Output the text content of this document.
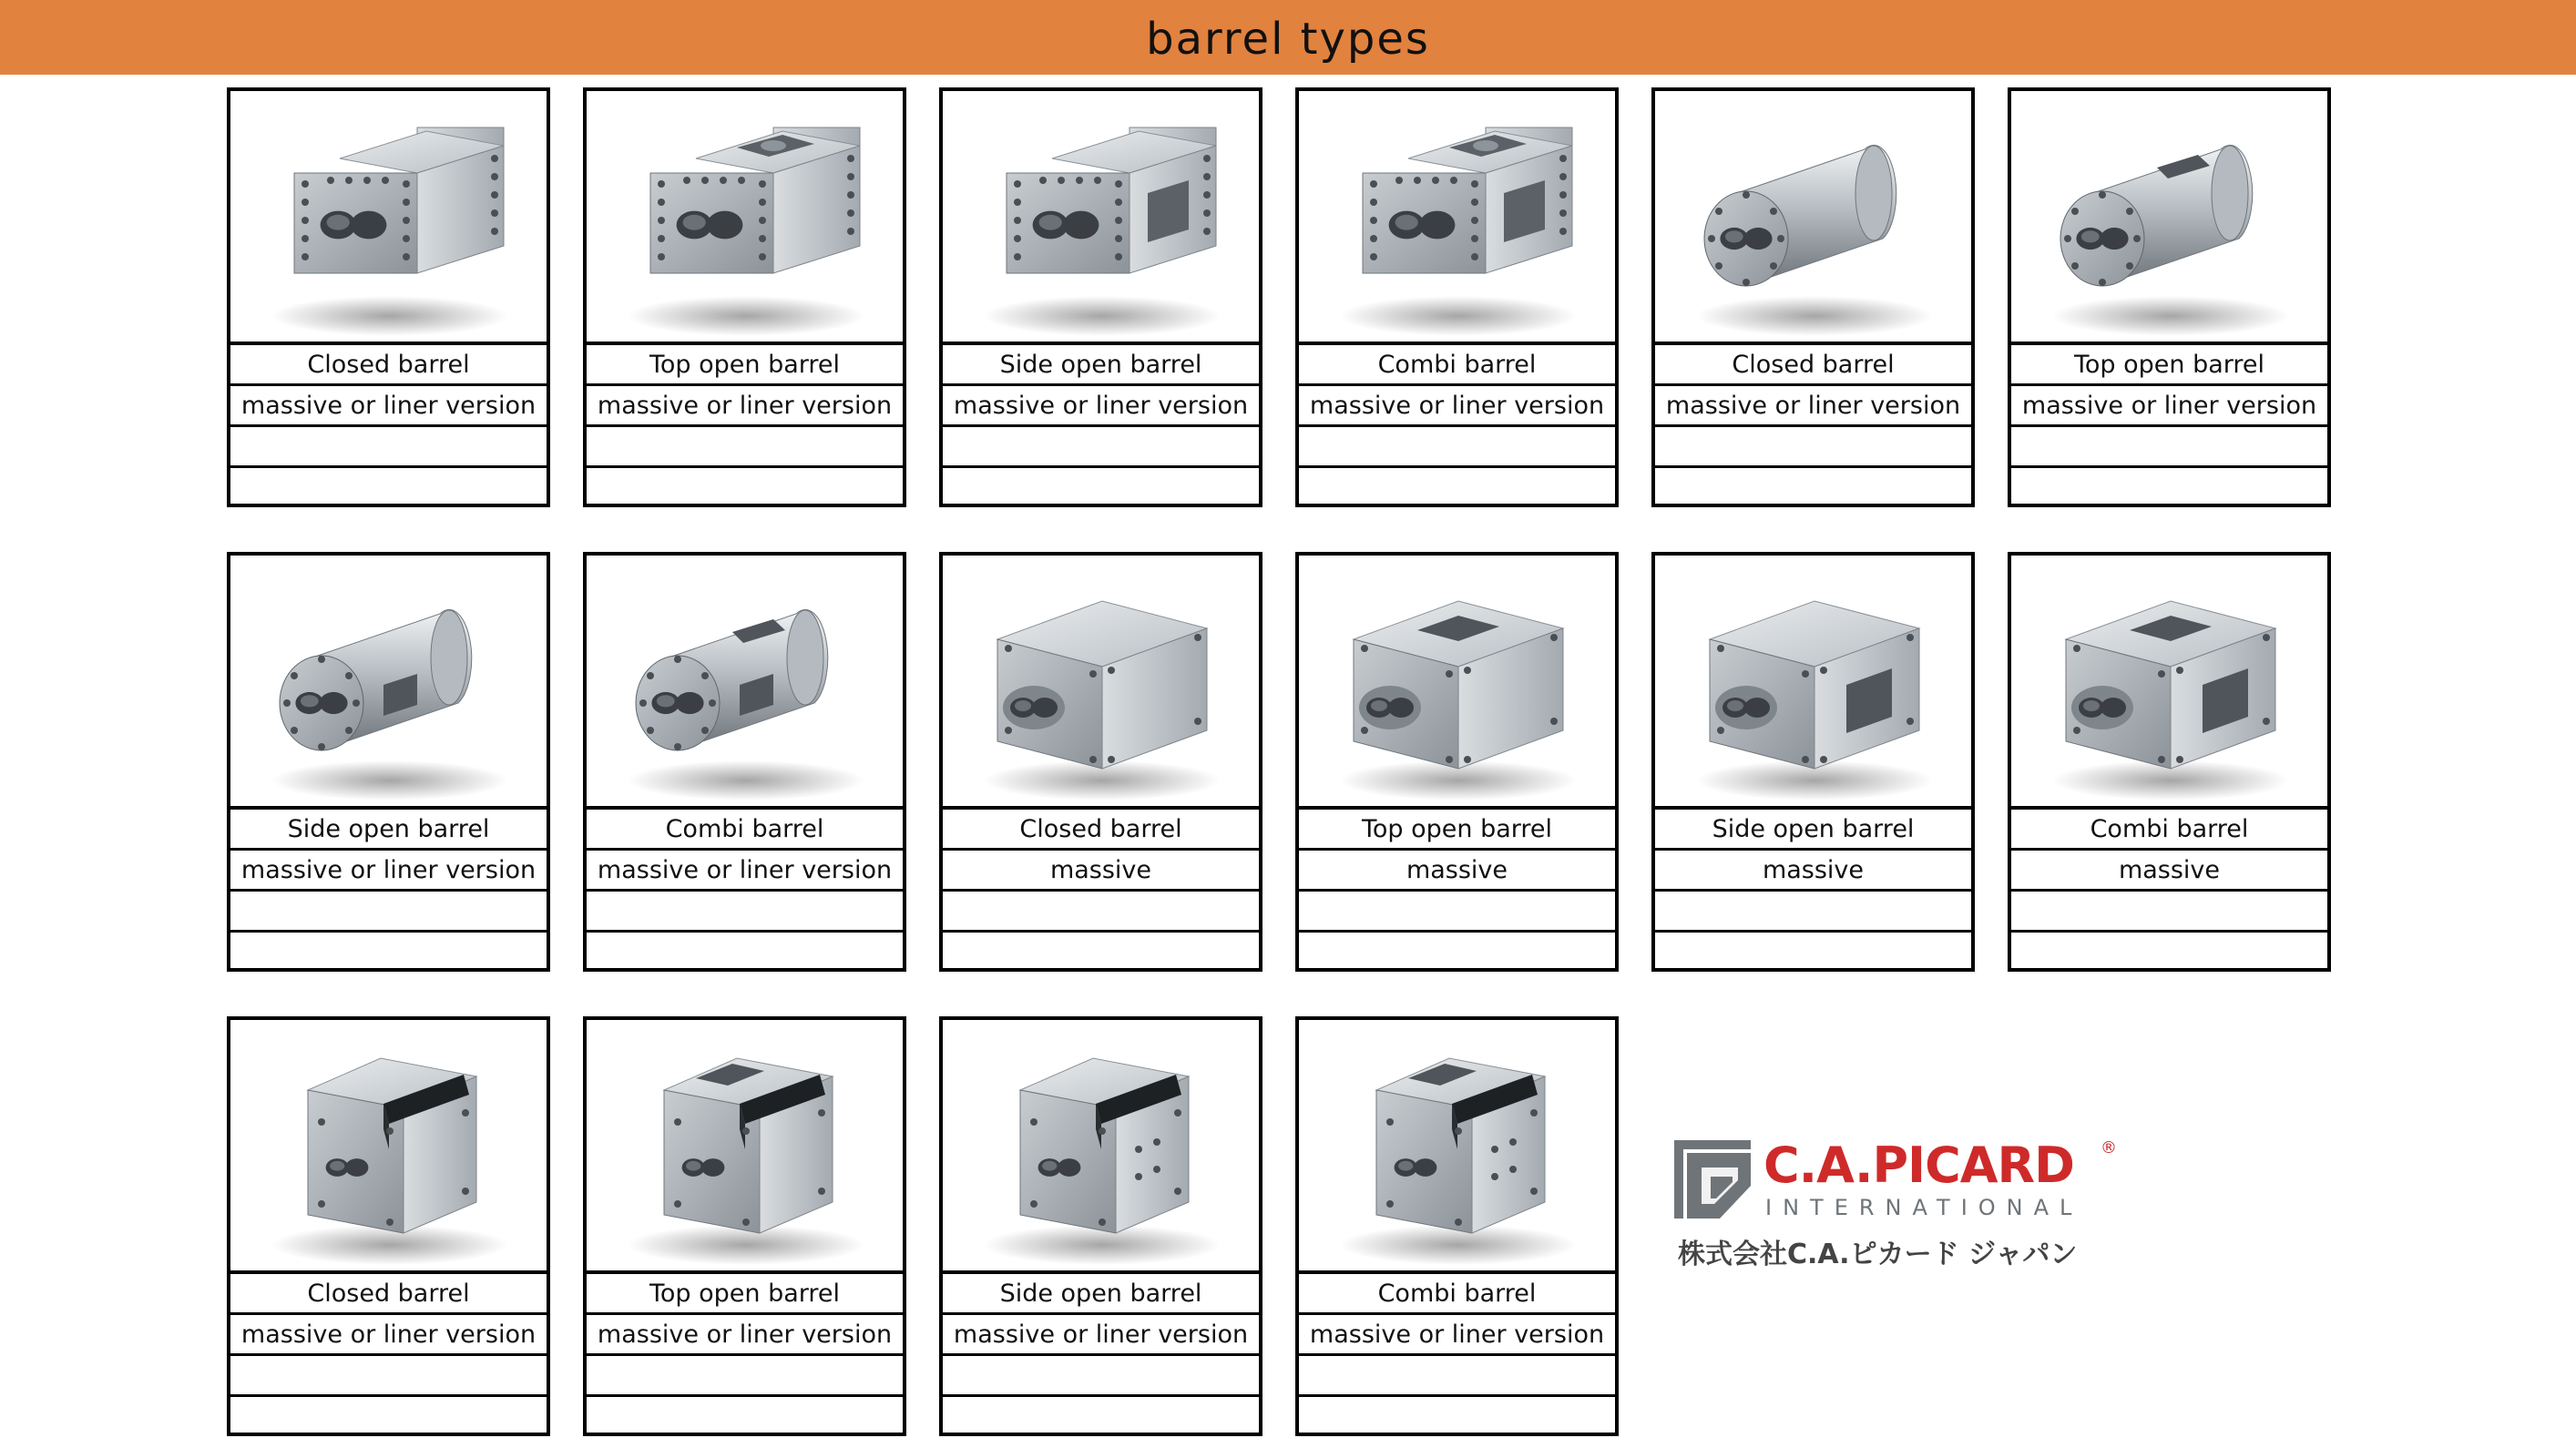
barrel types
Closed barrel
massive or liner version
Top open barrel
massive or liner version
Side open barrel
massive or liner version
Combi barrel
massive or liner version
Closed barrel
massive or liner version
Top open barrel
massive or liner version
Side open barrel
massive or liner version
Combi barrel
massive or liner version
Closed barrel
massive
Top open barrel
massive
Side open barrel
massive
Combi barrel
massive
Closed barrel
massive or liner version
Top open barrel
massive or liner version
Side open barrel
massive or liner version
Combi barrel
massive or liner version
C.A.PICARD ®
INTERNATIONAL
株式会社C.A.ピカード ジャパン
